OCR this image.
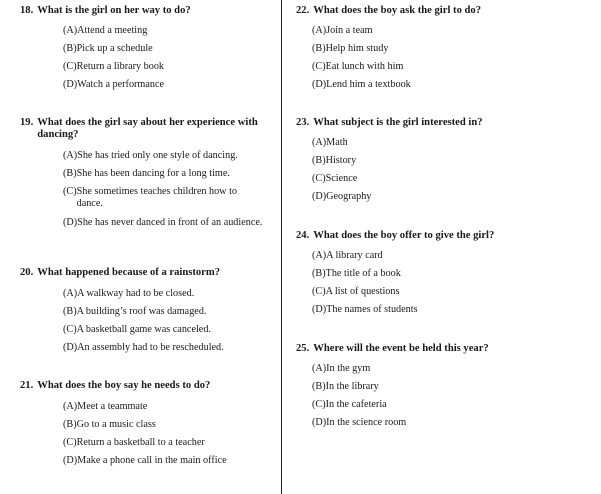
18. What is the girl on her way to do?

(A) Attend a meeting
(B) Pick up a schedule
(C) Return a library book
(D) Watch a performance

19. What does the girl say about her experience with dancing?

(A) She has tried only one style of dancing.
(B) She has been dancing for a long time.
(C) She sometimes teaches children how to dance.
(D) She has never danced in front of an audience.

20. What happened because of a rainstorm?

(A) A walkway had to be closed.
(B) A building’s roof was damaged.
(C) A basketball game was canceled.
(D) An assembly had to be rescheduled.

21. What does the boy say he needs to do?

(A) Meet a teammate
(B) Go to a music class
(C) Return a basketball to a teacher
(D) Make a phone call in the main office

22. What does the boy ask the girl to do?

(A) Join a team
(B) Help him study
(C) Eat lunch with him
(D) Lend him a textbook

23. What subject is the girl interested in?

(A) Math
(B) History
(C) Science
(D) Geography

24. What does the boy offer to give the girl?

(A) A library card
(B) The title of a book
(C) A list of questions
(D) The names of students

25. Where will the event be held this year?

(A) In the gym
(B) In the library
(C) In the cafeteria
(D) In the science room
